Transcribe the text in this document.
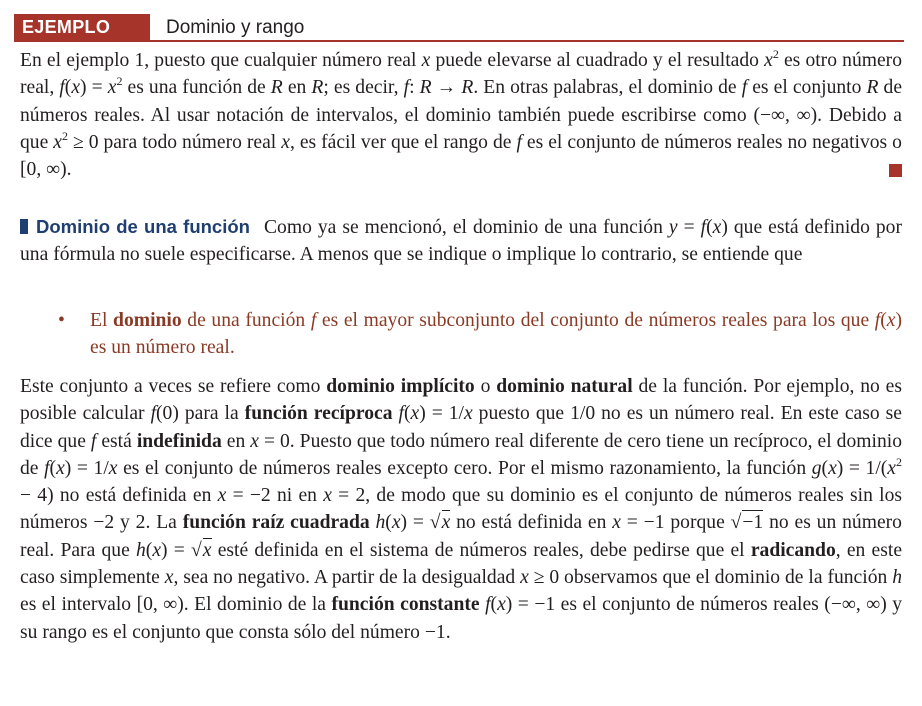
EJEMPLO	Dominio y rango

En el ejemplo 1, puesto que cualquier número real x puede elevarse al cuadrado y el resultado $x^2$ es otro número real, $f(x) = x^2$ es una función de R en R; es decir, f: R → R. En otras palabras, el dominio de f es el conjunto R de números reales. Al usar notación de intervalos, el dominio también puede escribirse como (−∞, ∞). Debido a que $x^2 \ge 0$ para todo número real x, es fácil ver que el rango de f es el conjunto de números reales no negativos o [0, ∞).

Dominio de una función Como ya se mencionó, el dominio de una función y = f(x) que está definido por una fórmula no suele especificarse. A menos que se indique o implique lo contrario, se entiende que

•	El dominio de una función f es el mayor subconjunto del conjunto de números reales para los que f(x) es un número real.

Este conjunto a veces se refiere como dominio implícito o dominio natural de la función. Por ejemplo, no es posible calcular f(0) para la función recíproca f(x) = 1/x puesto que 1/0 no es un número real. En este caso se dice que f está indefinida en x = 0. Puesto que todo número real diferente de cero tiene un recíproco, el dominio de f(x) = 1/x es el conjunto de números reales excepto cero. Por el mismo razonamiento, la función $g(x) = 1/(x^2 - 4)$ no está definida en x = −2 ni en x = 2, de modo que su dominio es el conjunto de números reales sin los números −2 y 2. La función raíz cuadrada h(x) = √x no está definida en x = −1 porque √−1 no es un número real. Para que h(x) = √x esté definida en el sistema de números reales, debe pedirse que el radicando, en este caso simplemente x, sea no negativo. A partir de la desigualdad x ≥ 0 observamos que el dominio de la función h es el intervalo [0, ∞). El dominio de la función constante f(x) = −1 es el conjunto de números reales (−∞, ∞) y su rango es el conjunto que consta sólo del número −1.
